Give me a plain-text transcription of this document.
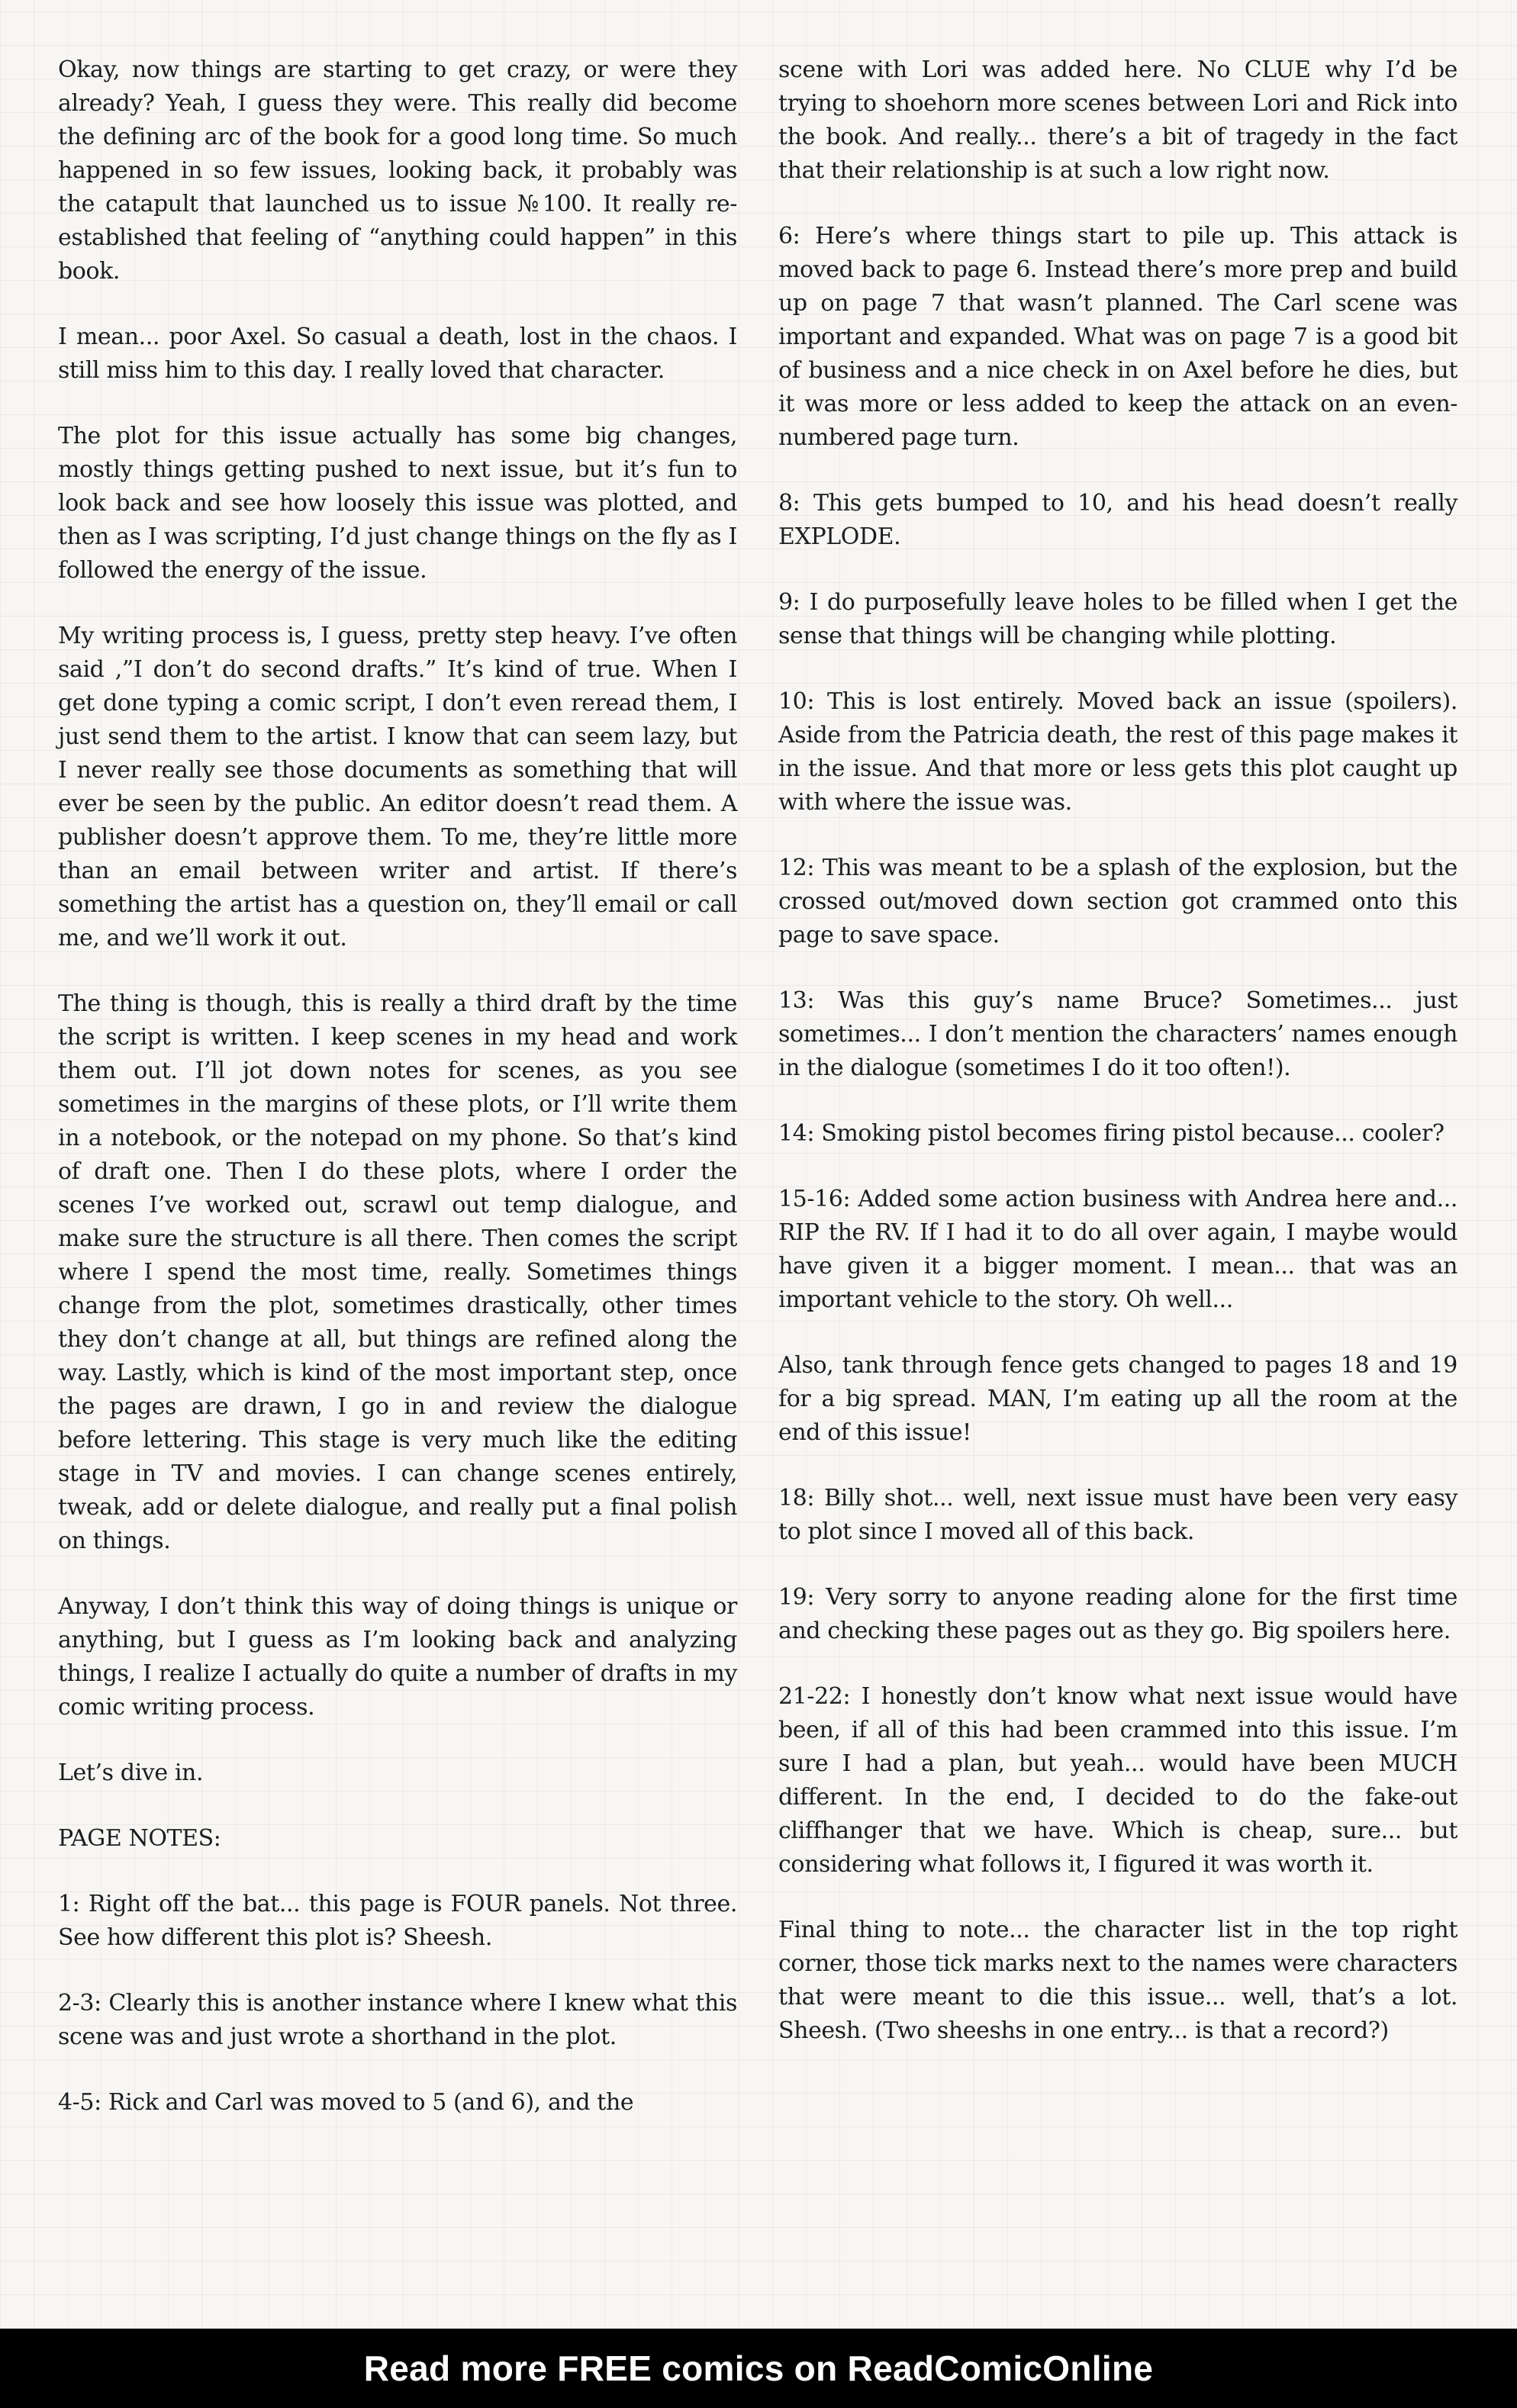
Okay, now things are starting to get crazy, or were they already? Yeah, I guess they were. This really did become the defining arc of the book for a good long time. So much happened in so few issues, looking back, it probably was the catapult that launched us to issue №100. It really re-established that feeling of “anything could happen” in this book.

I mean... poor Axel. So casual a death, lost in the chaos. I still miss him to this day. I really loved that character.

The plot for this issue actually has some big changes, mostly things getting pushed to next issue, but it’s fun to look back and see how loosely this issue was plotted, and then as I was scripting, I’d just change things on the fly as I followed the energy of the issue.

My writing process is, I guess, pretty step heavy. I’ve often said ,”I don’t do second drafts.” It’s kind of true. When I get done typing a comic script, I don’t even reread them, I just send them to the artist. I know that can seem lazy, but I never really see those documents as something that will ever be seen by the public. An editor doesn’t read them. A publisher doesn’t approve them. To me, they’re little more than an email between writer and artist. If there’s something the artist has a question on, they’ll email or call me, and we’ll work it out.

The thing is though, this is really a third draft by the time the script is written. I keep scenes in my head and work them out. I’ll jot down notes for scenes, as you see sometimes in the margins of these plots, or I’ll write them in a notebook, or the notepad on my phone. So that’s kind of draft one. Then I do these plots, where I order the scenes I’ve worked out, scrawl out temp dialogue, and make sure the structure is all there. Then comes the script where I spend the most time, really. Sometimes things change from the plot, sometimes drastically, other times they don’t change at all, but things are refined along the way. Lastly, which is kind of the most important step, once the pages are drawn, I go in and review the dialogue before lettering. This stage is very much like the editing stage in TV and movies. I can change scenes entirely, tweak, add or delete dialogue, and really put a final polish on things.

Anyway, I don’t think this way of doing things is unique or anything, but I guess as I’m looking back and analyzing things, I realize I actually do quite a number of drafts in my comic writing process.

Let’s dive in.

PAGE NOTES:

1: Right off the bat... this page is FOUR panels. Not three. See how different this plot is? Sheesh.

2-3: Clearly this is another instance where I knew what this scene was and just wrote a shorthand in the plot.

4-5: Rick and Carl was moved to 5 (and 6), and the

scene with Lori was added here. No CLUE why I’d be trying to shoehorn more scenes between Lori and Rick into the book. And really... there’s a bit of tragedy in the fact that their relationship is at such a low right now.

6: Here’s where things start to pile up. This attack is moved back to page 6. Instead there’s more prep and build up on page 7 that wasn’t planned. The Carl scene was important and expanded. What was on page 7 is a good bit of business and a nice check in on Axel before he dies, but it was more or less added to keep the attack on an even-numbered page turn.

8: This gets bumped to 10, and his head doesn’t really EXPLODE.

9: I do purposefully leave holes to be filled when I get the sense that things will be changing while plotting.

10: This is lost entirely. Moved back an issue (spoilers). Aside from the Patricia death, the rest of this page makes it in the issue. And that more or less gets this plot caught up with where the issue was.

12: This was meant to be a splash of the explosion, but the crossed out/moved down section got crammed onto this page to save space.

13: Was this guy’s name Bruce? Sometimes... just sometimes... I don’t mention the characters’ names enough in the dialogue (sometimes I do it too often!).

14: Smoking pistol becomes firing pistol because... cooler?

15-16: Added some action business with Andrea here and... RIP the RV. If I had it to do all over again, I maybe would have given it a bigger moment. I mean... that was an important vehicle to the story. Oh well...

Also, tank through fence gets changed to pages 18 and 19 for a big spread. MAN, I’m eating up all the room at the end of this issue!

18: Billy shot... well, next issue must have been very easy to plot since I moved all of this back.

19: Very sorry to anyone reading alone for the first time and checking these pages out as they go. Big spoilers here.

21-22: I honestly don’t know what next issue would have been, if all of this had been crammed into this issue. I’m sure I had a plan, but yeah... would have been MUCH different. In the end, I decided to do the fake-out cliffhanger that we have. Which is cheap, sure... but considering what follows it, I figured it was worth it.

Final thing to note... the character list in the top right corner, those tick marks next to the names were characters that were meant to die this issue... well, that’s a lot. Sheesh. (Two sheeshs in one entry... is that a record?)

Read more FREE comics on ReadComicOnline
